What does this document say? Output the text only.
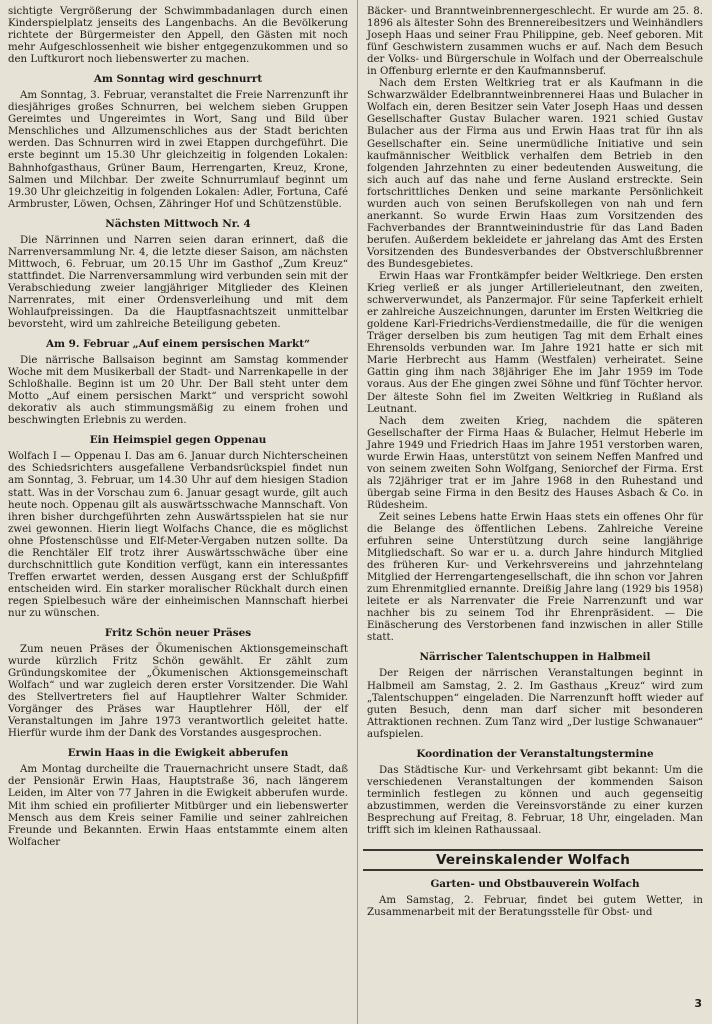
sichtigte Vergrößerung der Schwimmbadanlagen durch einen Kinderspielplatz jenseits des Langenbachs. An die Bevölkerung richtete der Bürgermeister den Appell, den Gästen mit noch mehr Aufgeschlossenheit wie bisher entgegenzukommen und so den Luftkurort noch liebenswerter zu machen.

Am Sonntag wird geschnurrt

Am Sonntag, 3. Februar, veranstaltet die Freie Narrenzunft ihr diesjähriges großes Schnurren, bei welchem sieben Gruppen Gereimtes und Ungereimtes in Wort, Sang und Bild über Menschliches und Allzumenschliches aus der Stadt berichten werden. Das Schnurren wird in zwei Etappen durchgeführt. Die erste beginnt um 15.30 Uhr gleichzeitig in folgenden Lokalen: Bahnhofgasthaus, Grüner Baum, Herrengarten, Kreuz, Krone, Salmen und Milchbar. Der zweite Schnurrumlauf beginnt um 19.30 Uhr gleichzeitig in folgenden Lokalen: Adler, Fortuna, Café Armbruster, Löwen, Ochsen, Zähringer Hof und Schützenstüble.

Nächsten Mittwoch Nr. 4

Die Närrinnen und Narren seien daran erinnert, daß die Narrenversammlung Nr. 4, die letzte dieser Saison, am nächsten Mittwoch, 6. Februar, um 20.15 Uhr im Gasthof „Zum Kreuz“ stattfindet. Die Narrenversammlung wird verbunden sein mit der Verabschiedung zweier langjähriger Mitglieder des Kleinen Narrenrates, mit einer Ordensverleihung und mit dem Wohlaufpreissingen. Da die Hauptfasnachtszeit unmittelbar bevorsteht, wird um zahlreiche Beteiligung gebeten.

Am 9. Februar „Auf einem persischen Markt“

Die närrische Ballsaison beginnt am Samstag kommender Woche mit dem Musikerball der Stadt- und Narrenkapelle in der Schloßhalle. Beginn ist um 20 Uhr. Der Ball steht unter dem Motto „Auf einem persischen Markt“ und verspricht sowohl dekorativ als auch stimmungsmäßig zu einem frohen und beschwingten Erlebnis zu werden.

Ein Heimspiel gegen Oppenau

Wolfach I — Oppenau I. Das am 6. Januar durch Nichterscheinen des Schiedsrichters ausgefallene Verbandsrückspiel findet nun am Sonntag, 3. Februar, um 14.30 Uhr auf dem hiesigen Stadion statt. Was in der Vorschau zum 6. Januar gesagt wurde, gilt auch heute noch. Oppenau gilt als auswärtsschwache Mannschaft. Von ihren bisher durchgeführten zehn Auswärtsspielen hat sie nur zwei gewonnen. Hierin liegt Wolfachs Chance, die es möglichst ohne Pfostenschüsse und Elf-Meter-Vergaben nutzen sollte. Da die Renchtäler Elf trotz ihrer Auswärtsschwäche über eine durchschnittlich gute Kondition verfügt, kann ein interessantes Treffen erwartet werden, dessen Ausgang erst der Schlußpfiff entscheiden wird. Ein starker moralischer Rückhalt durch einen regen Spielbesuch wäre der einheimischen Mannschaft hierbei nur zu wünschen.

Fritz Schön neuer Präses

Zum neuen Präses der Ökumenischen Aktionsgemeinschaft wurde kürzlich Fritz Schön gewählt. Er zählt zum Gründungskomitee der „Ökumenischen Aktionsgemeinschaft Wolfach“ und war zugleich deren erster Vorsitzender. Die Wahl des Stellvertreters fiel auf Hauptlehrer Walter Schmider. Vorgänger des Präses war Hauptlehrer Höll, der elf Veranstaltungen im Jahre 1973 verantwortlich geleitet hatte. Hierfür wurde ihm der Dank des Vorstandes ausgesprochen.

Erwin Haas in die Ewigkeit abberufen

Am Montag durcheilte die Trauernachricht unsere Stadt, daß der Pensionär Erwin Haas, Hauptstraße 36, nach längerem Leiden, im Alter von 77 Jahren in die Ewigkeit abberufen wurde. Mit ihm schied ein profilierter Mitbürger und ein liebenswerter Mensch aus dem Kreis seiner Familie und seiner zahlreichen Freunde und Bekannten. Erwin Haas entstammte einem alten Wolfacher

Bäcker- und Branntweinbrennergeschlecht. Er wurde am 25. 8. 1896 als ältester Sohn des Brennereibesitzers und Weinhändlers Joseph Haas und seiner Frau Philippine, geb. Neef geboren. Mit fünf Geschwistern zusammen wuchs er auf. Nach dem Besuch der Volks- und Bürgerschule in Wolfach und der Oberrealschule in Offenburg erlernte er den Kaufmannsberuf.

Nach dem Ersten Weltkrieg trat er als Kaufmann in die Schwarzwälder Edelbranntweinbrennerei Haas und Bulacher in Wolfach ein, deren Besitzer sein Vater Joseph Haas und dessen Gesellschafter Gustav Bulacher waren. 1921 schied Gustav Bulacher aus der Firma aus und Erwin Haas trat für ihn als Gesellschafter ein. Seine unermüdliche Initiative und sein kaufmännischer Weitblick verhalfen dem Betrieb in den folgenden Jahrzehnten zu einer bedeutenden Ausweitung, die sich auch auf das nahe und ferne Ausland erstreckte. Sein fortschrittliches Denken und seine markante Persönlichkeit wurden auch von seinen Berufskollegen von nah und fern anerkannt. So wurde Erwin Haas zum Vorsitzenden des Fachverbandes der Branntweinindustrie für das Land Baden berufen. Außerdem bekleidete er jahrelang das Amt des Ersten Vorsitzenden des Bundesverbandes der Obstverschlußbrenner des Bundesgebietes.

Erwin Haas war Frontkämpfer beider Weltkriege. Den ersten Krieg verließ er als junger Artillerieleutnant, den zweiten, schwerverwundet, als Panzermajor. Für seine Tapferkeit erhielt er zahlreiche Auszeichnungen, darunter im Ersten Weltkrieg die goldene Karl-Friedrichs-Verdienstmedaille, die für die wenigen Träger derselben bis zum heutigen Tag mit dem Erhalt eines Ehrensolds verbunden war. Im Jahre 1921 hatte er sich mit Marie Herbrecht aus Hamm (Westfalen) verheiratet. Seine Gattin ging ihm nach 38jähriger Ehe im Jahr 1959 im Tode voraus. Aus der Ehe gingen zwei Söhne und fünf Töchter hervor. Der älteste Sohn fiel im Zweiten Weltkrieg in Rußland als Leutnant.

Nach dem zweiten Krieg, nachdem die späteren Gesellschafter der Firma Haas & Bulacher, Helmut Heberle im Jahre 1949 und Friedrich Haas im Jahre 1951 verstorben waren, wurde Erwin Haas, unterstützt von seinem Neffen Manfred und von seinem zweiten Sohn Wolfgang, Seniorchef der Firma. Erst als 72jähriger trat er im Jahre 1968 in den Ruhestand und übergab seine Firma in den Besitz des Hauses Asbach & Co. in Rüdesheim.

Zeit seines Lebens hatte Erwin Haas stets ein offenes Ohr für die Belange des öffentlichen Lebens. Zahlreiche Vereine erfuhren seine Unterstützung durch seine langjährige Mitgliedschaft. So war er u. a. durch Jahre hindurch Mitglied des früheren Kur- und Verkehrsvereins und jahrzehntelang Mitglied der Herrengartengesellschaft, die ihn schon vor Jahren zum Ehrenmitglied ernannte. Dreißig Jahre lang (1929 bis 1958) leitete er als Narrenvater die Freie Narrenzunft und war nachher bis zu seinem Tod ihr Ehrenpräsident. — Die Einäscherung des Verstorbenen fand inzwischen in aller Stille statt.

Närrischer Talentschuppen in Halbmeil

Der Reigen der närrischen Veranstaltungen beginnt in Halbmeil am Samstag, 2. 2. Im Gasthaus „Kreuz“ wird zum „Talentschuppen“ eingeladen. Die Narrenzunft hofft wieder auf guten Besuch, denn man darf sicher mit besonderen Attraktionen rechnen. Zum Tanz wird „Der lustige Schwanauer“ aufspielen.

Koordination der Veranstaltungstermine

Das Städtische Kur- und Verkehrsamt gibt bekannt: Um die verschiedenen Veranstaltungen der kommenden Saison terminlich festlegen zu können und auch gegenseitig abzustimmen, werden die Vereinsvorstände zu einer kurzen Besprechung auf Freitag, 8. Februar, 18 Uhr, eingeladen. Man trifft sich im kleinen Rathaussaal.

Vereinskalender Wolfach
Garten- und Obstbauverein Wolfach

Am Samstag, 2. Februar, findet bei gutem Wetter, in Zusammenarbeit mit der Beratungsstelle für Obst- und

3
